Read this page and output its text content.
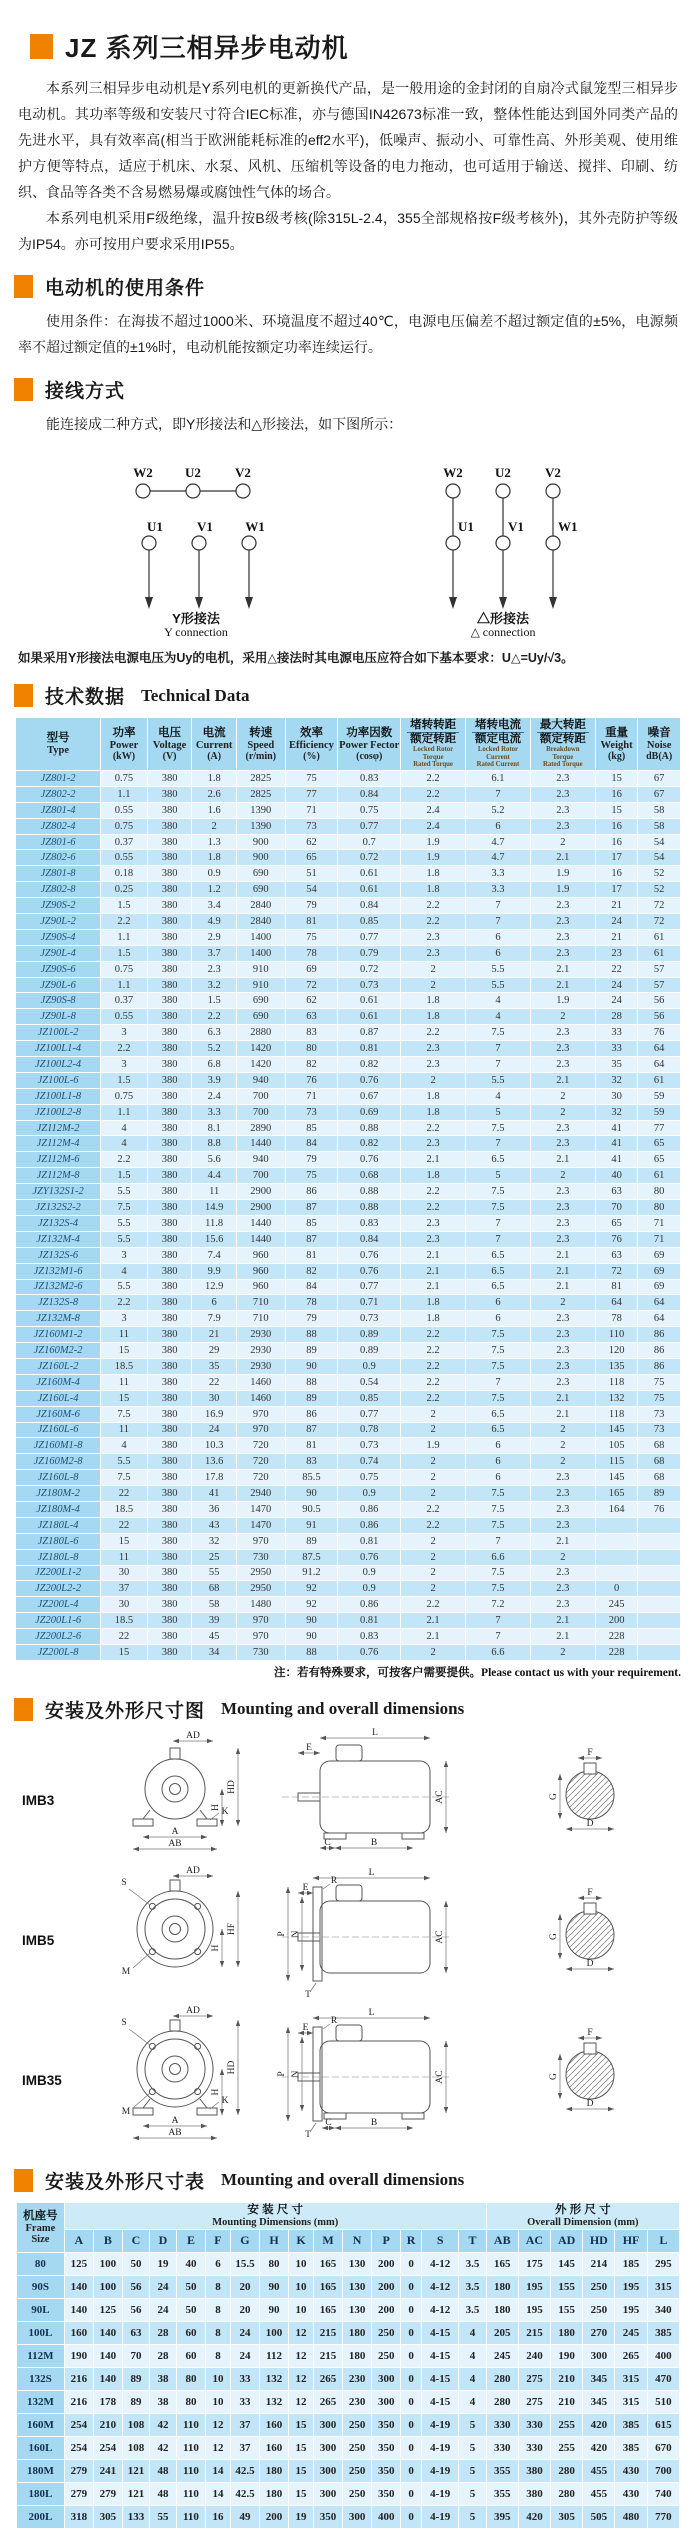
JZ 系列三相异步电动机

本系列三相异步电动机是Y系列电机的更新换代产品，是一般用途的金封闭的自扇冷式鼠笼型三相异步电动机。其功率等级和安装尺寸符合IEC标准，亦与德国IN42673标准一致，整体性能达到国外同类产品的先进水平，具有效率高(相当于欧洲能耗标准的eff2水平)，低噪声、振动小、可靠性高、外形美观、使用维护方便等特点，适应于机床、水泵、风机、压缩机等设备的电力拖动，也可适用于输送、搅拌、印刷、纺织、食品等各类不含易燃易爆或腐蚀性气体的场合。

本系列电机采用F级绝缘，温升按B级考核(除315L-2.4，355全部规格按F级考核外)，其外壳防护等级为IP54。亦可按用户要求采用IP55。

电动机的使用条件

使用条件：在海拔不超过1000米、环境温度不超过40℃，电源电压偏差不超过额定值的±5%，电源频率不超过额定值的±1%时，电动机能按额定功率连续运行。

接线方式

能连接成二种方式，即Y形接法和△形接法，如下图所示：

W2 U2	V2
U1	V1 W1
W2 U2	V2
U1	V1	W1
Y形接法
Y connection
△形接法
△ connection

如果采用Y形接法电源电压为Uy的电机，采用△接法时其电源电压应符合如下基本要求：U△=Uy/√3。

技术数据 Technical Data
型号
Type

功率
Power
(kW)

电压
Voltage
(V)

电流
Current
(A)

转速
Speed
(r/min)

效率
Efficiency
(%)

功率因数
Power Fector
(cosφ)

堵转转距
额定转距
Locked Rotor
Torque
Rated Torque

堵转电流
额定电流
Locked Rotor
Current
Rated Current

最大转距
额定转距
Breakdown
Torque
Rated Torque

重量
Weight
(kg)

噪音
Noise
dB(A)

JZ801-2	0.75	380	1.8	2825	75	0.83	2.2	6.1	2.3	15	67
JZ802-2	1.1	380	2.6	2825	77	0.84	2.2	7	2.3	16	67
JZ801-4	0.55	380	1.6	1390	71	0.75	2.4	5.2	2.3	15	58
JZ802-4	0.75	380	2	1390	73	0.77	2.4	6	2.3	16	58
JZ801-6	0.37	380	1.3	900	62	0.7	1.9	4.7	2	16	54
JZ802-6	0.55	380	1.8	900	65	0.72	1.9	4.7	2.1	17	54
JZ801-8	0.18	380	0.9	690	51	0.61	1.8	3.3	1.9	16	52
JZ802-8	0.25	380	1.2	690	54	0.61	1.8	3.3	1.9	17	52
JZ90S-2	1.5	380	3.4	2840	79	0.84	2.2	7	2.3	21	72
JZ90L-2	2.2	380	4.9	2840	81	0.85	2.2	7	2.3	24	72
JZ90S-4	1.1	380	2.9	1400	75	0.77	2.3	6	2.3	21	61
JZ90L-4	1.5	380	3.7	1400	78	0.79	2.3	6	2.3	23	61
JZ90S-6	0.75	380	2.3	910	69	0.72	2	5.5	2.1	22	57
JZ90L-6	1.1	380	3.2	910	72	0.73	2	5.5	2.1	24	57
JZ90S-8	0.37	380	1.5	690	62	0.61	1.8	4	1.9	24	56
JZ90L-8	0.55	380	2.2	690	63	0.61	1.8	4	2	28	56
JZ100L-2	3	380	6.3	2880	83	0.87	2.2	7.5	2.3	33	76
JZ100L1-4	2.2	380	5.2	1420	80	0.81	2.3	7	2.3	33	64
JZ100L2-4	3	380	6.8	1420	82	0.82	2.3	7	2.3	35	64
JZ100L-6	1.5	380	3.9	940	76	0.76	2	5.5	2.1	32	61
JZ100L1-8	0.75	380	2.4	700	71	0.67	1.8	4	2	30	59
JZ100L2-8	1.1	380	3.3	700	73	0.69	1.8	5	2	32	59
JZ112M-2	4	380	8.1	2890	85	0.88	2.2	7.5	2.3	41	77
JZ112M-4	4	380	8.8	1440	84	0.82	2.3	7	2.3	41	65
JZ112M-6	2.2	380	5.6	940	79	0.76	2.1	6.5	2.1	41	65
JZ112M-8	1.5	380	4.4	700	75	0.68	1.8	5	2	40	61
JZY132S1-2	5.5	380	11	2900	86	0.88	2.2	7.5	2.3	63	80
JZ132S2-2	7.5	380	14.9	2900	87	0.88	2.2	7.5	2.3	70	80
JZ132S-4	5.5	380	11.8	1440	85	0.83	2.3	7	2.3	65	71
JZ132M-4	5.5	380	15.6	1440	87	0.84	2.3	7	2.3	76	71
JZ132S-6	3	380	7.4	960	81	0.76	2.1	6.5	2.1	63	69
JZ132M1-6	4	380	9.9	960	82	0.76	2.1	6.5	2.1	72	69
JZ132M2-6	5.5	380	12.9	960	84	0.77	2.1	6.5	2.1	81	69
JZ132S-8	2.2	380	6	710	78	0.71	1.8	6	2	64	64
JZ132M-8	3	380	7.9	710	79	0.73	1.8	6	2.3	78	64
JZ160M1-2	11	380	21	2930	88	0.89	2.2	7.5	2.3	110	86
JZ160M2-2	15	380	29	2930	89	0.89	2.2	7.5	2.3	120	86
JZ160L-2	18.5	380	35	2930	90	0.9	2.2	7.5	2.3	135	86
JZ160M-4	11	380	22	1460	88	0.54	2.2	7	2.3	118	75
JZ160L-4	15	380	30	1460	89	0.85	2.2	7.5	2.1	132	75
JZ160M-6	7.5	380	16.9	970	86	0.77	2	6.5	2.1	118	73
JZ160L-6	11	380	24	970	87	0.78	2	6.5	2	145	73
JZ160M1-8	4	380	10.3	720	81	0.73	1.9	6	2	105	68
JZ160M2-8	5.5	380	13.6	720	83	0.74	2	6	2	115	68
JZ160L-8	7.5	380	17.8	720	85.5	0.75	2	6	2.3	145	68
JZ180M-2	22	380	41	2940	90	0.9	2	7.5	2.3	165	89
JZ180M-4	18.5	380	36	1470	90.5	0.86	2.2	7.5	2.3	164	76
JZ180L-4	22	380	43	1470	91	0.86	2.2	7.5	2.3		
JZ180L-6	15	380	32	970	89	0.81	2	7	2.1		
JZ180L-8	11	380	25	730	87.5	0.76	2	6.6	2		
JZ200L1-2	30	380	55	2950	91.2	0.9	2	7.5	2.3		
JZ200L2-2	37	380	68	2950	92	0.9	2	7.5	2.3	0	
JZ200L-4	30	380	58	1480	92	0.86	2.2	7.2	2.3	245	
JZ200L1-6	18.5	380	39	970	90	0.81	2.1	7	2.1	200	
JZ200L2-6	22	380	45	970	90	0.83	2.1	7	2.1	228	
JZ200L-8	15	380	34	730	88	0.76	2	6.6	2	228	
注：若有特殊要求，可按客户需要提供。Please contact us with your requirement.
安装及外形尺寸图 Mounting and overall dimensions
IMB3
AD
HD
H K
A
AB
L
E
AC
C	B
F
G
D
IMB5
AD
HF
H
S
M
L
E
AC
R
P N
T
F
G
D
IMB35
AD
HD
H
K
A
AB
S
M
L
E
AC
R
P N
T
C	B
F
G
D
安装及外形尺寸表 Mounting and overall dimensions
机座号
Frame Size

安 装 尺 寸
Mounting Dimensions (mm)

外 形 尺 寸
Overall Dimension (mm)

	A	B	C	D	E	F	G	H	K	M	N	P	R	S	T	AB	AC	AD	HD	HF	L
80	125	100	50	19	40	6	15.5	80	10	165	130	200	0	4-12	3.5	165	175	145	214	185	295
90S	140	100	56	24	50	8	20	90	10	165	130	200	0	4-12	3.5	180	195	155	250	195	315
90L	140	125	56	24	50	8	20	90	10	165	130	200	0	4-12	3.5	180	195	155	250	195	340
100L	160	140	63	28	60	8	24	100	12	215	180	250	0	4-15	4	205	215	180	270	245	385
112M	190	140	70	28	60	8	24	112	12	215	180	250	0	4-15	4	245	240	190	300	265	400
132S	216	140	89	38	80	10	33	132	12	265	230	300	0	4-15	4	280	275	210	345	315	470
132M	216	178	89	38	80	10	33	132	12	265	230	300	0	4-15	4	280	275	210	345	315	510
160M	254	210	108	42	110	12	37	160	15	300	250	350	0	4-19	5	330	330	255	420	385	615
160L	254	254	108	42	110	12	37	160	15	300	250	350	0	4-19	5	330	330	255	420	385	670
180M	279	241	121	48	110	14	42.5	180	15	300	250	350	0	4-19	5	355	380	280	455	430	700
180L	279	279	121	48	110	14	42.5	180	15	300	250	350	0	4-19	5	355	380	280	455	430	740
200L	318	305	133	55	110	16	49	200	19	350	300	400	0	4-19	5	395	420	305	505	480	770
